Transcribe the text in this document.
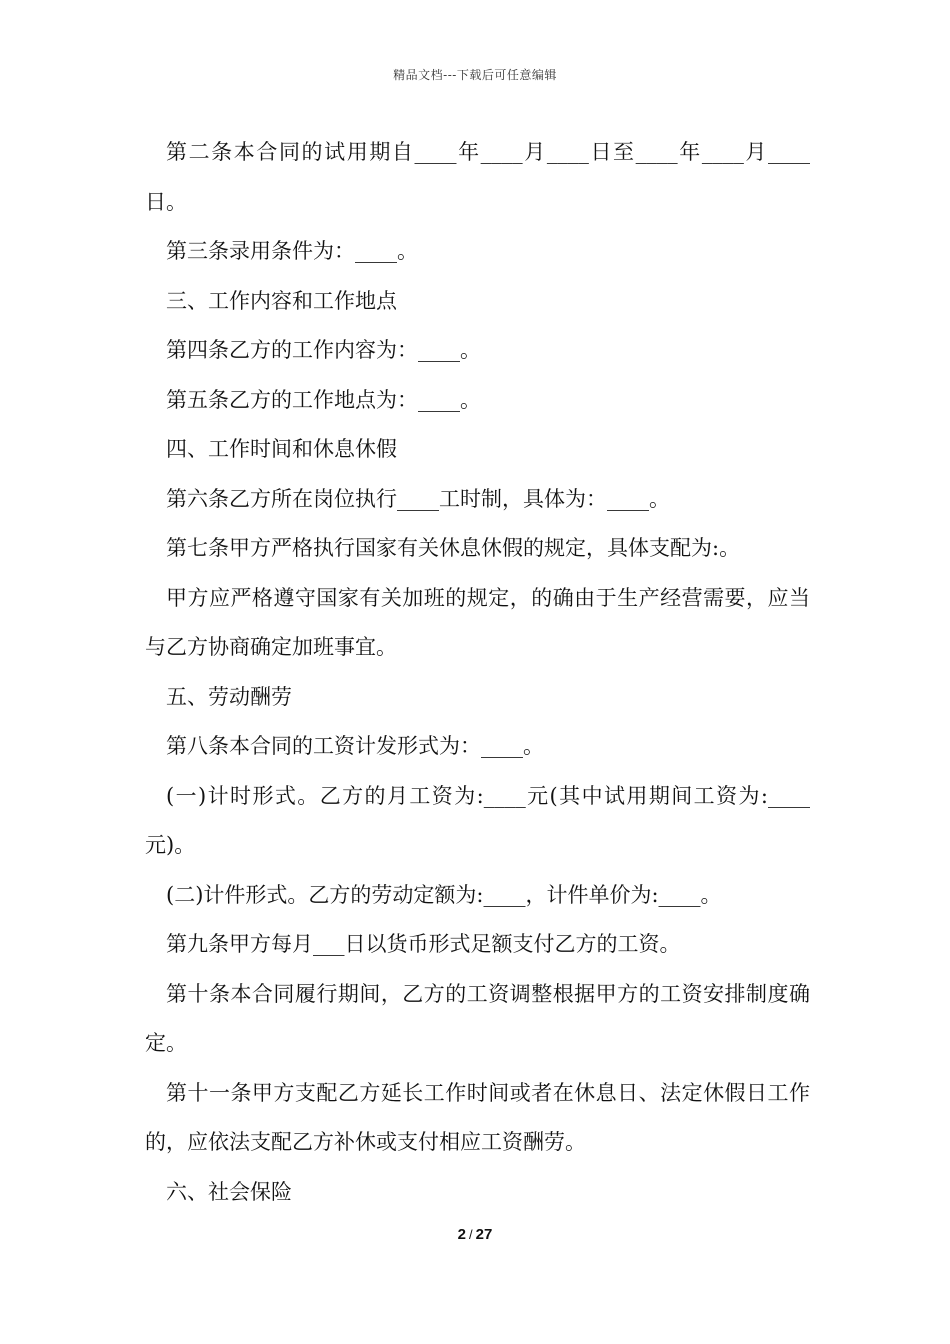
精品文档---下载后可任意编辑

第二条本合同的试用期自____年____月____日至____年____月____日。

第三条录用条件为：____。

三、工作内容和工作地点

第四条乙方的工作内容为：____。

第五条乙方的工作地点为：____。

四、工作时间和休息休假

第六条乙方所在岗位执行____工时制，具体为：____。

第七条甲方严格执行国家有关休息休假的规定，具体支配为:。

甲方应严格遵守国家有关加班的规定，的确由于生产经营需要，应当与乙方协商确定加班事宜。

五、劳动酬劳

第八条本合同的工资计发形式为：____。

(一)计时形式。乙方的月工资为:____元(其中试用期间工资为:____元)。

(二)计件形式。乙方的劳动定额为:____，计件单价为:____。

第九条甲方每月___日以货币形式足额支付乙方的工资。

第十条本合同履行期间，乙方的工资调整根据甲方的工资安排制度确定。

第十一条甲方支配乙方延长工作时间或者在休息日、法定休假日工作的，应依法支配乙方补休或支付相应工资酬劳。

六、社会保险

2 / 27
